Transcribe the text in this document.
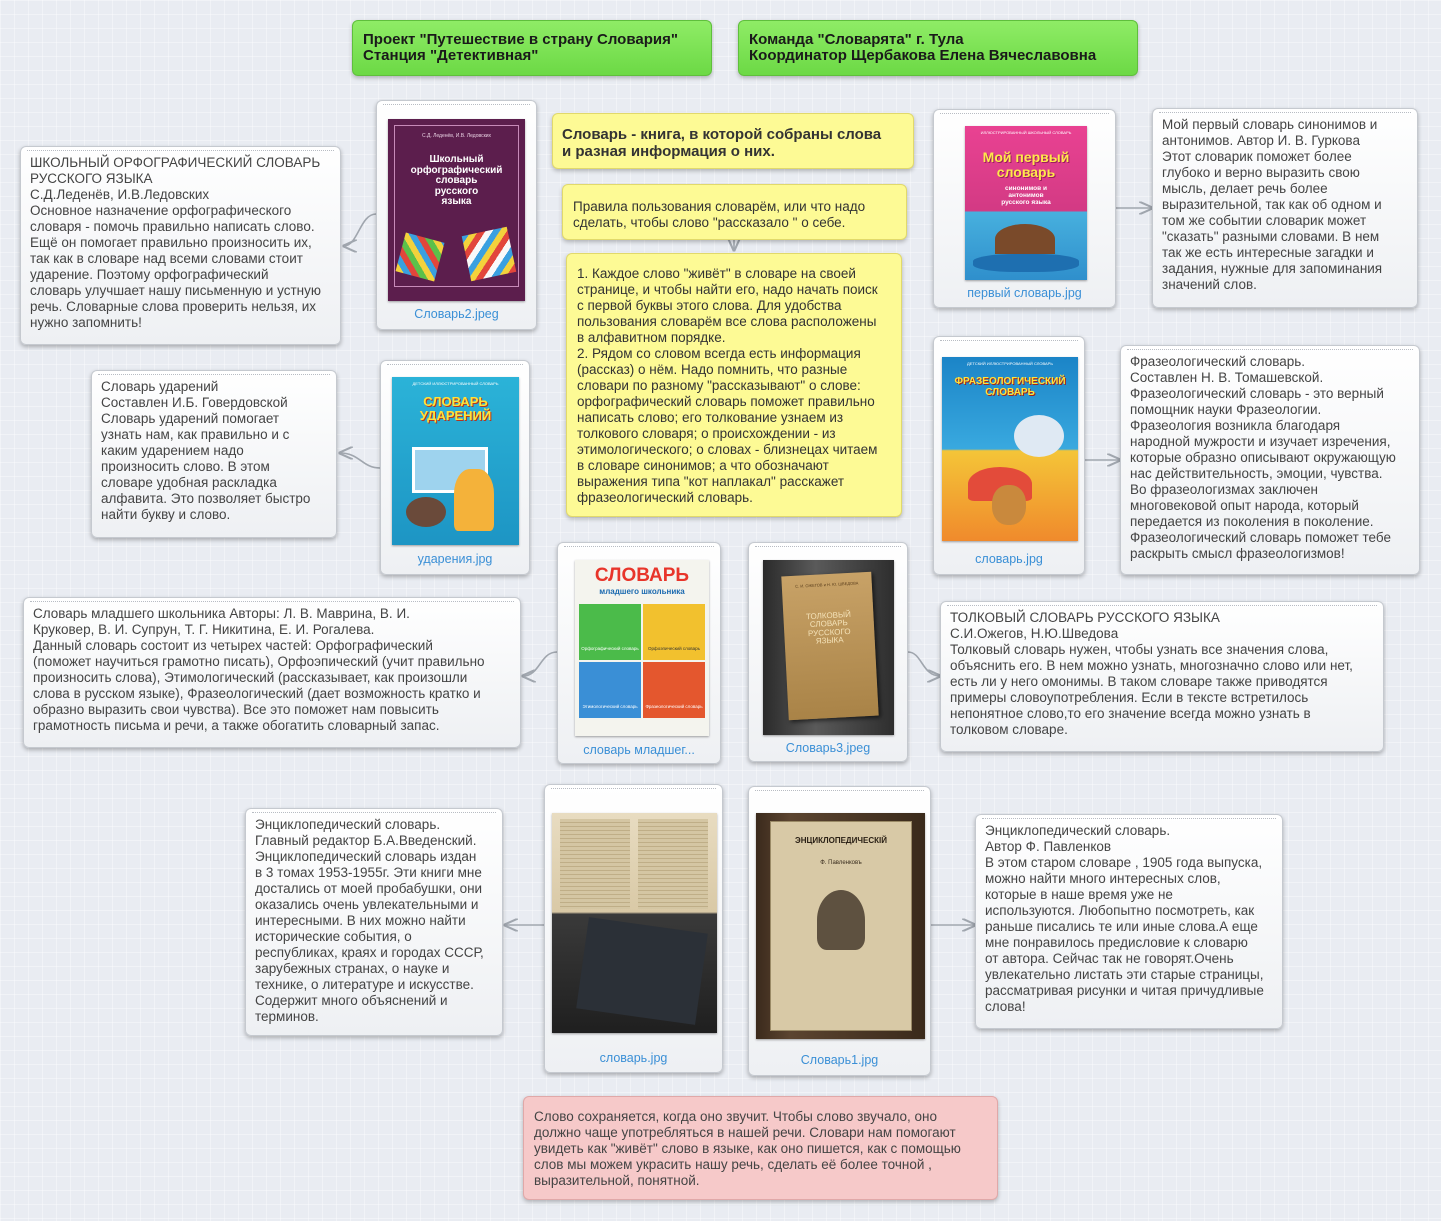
Проект "Путешествие в страну Словария"
Станция "Детективная"
Команда "Словарята" г. Тула
Координатор Щербакова Елена Вячеславовна
Словарь - книга, в которой собраны слова
и разная информация о них.
Правила пользования словарём, или что надо
сделать, чтобы слово "рассказало " о себе.
1. Каждое слово "живёт" в словаре на своей
странице, и чтобы найти его, надо начать поиск
с первой буквы этого слова. Для удобства
пользования словарём все слова расположены
в алфавитном порядке.
2. Рядом со словом всегда есть информация
(рассказ) о нём. Надо помнить, что разные
словари по разному "рассказывают" о слове:
орфографический словарь поможет правильно
написать слово; его толкование узнаем из
толкового словаря; о происхождении - из
этимологического; о словах - близнецах читаем
в словаре синонимов; а что обозначают
выражения типа "кот наплакал" расскажет
фразеологический словарь.
С.Д. Леденёв, И.В. Ледовских
Школьный
орфографический
словарь
русского
языка
Словарь2.jpeg
ШКОЛЬНЫЙ ОРФОГРАФИЧЕСКИЙ СЛОВАРЬ
РУССКОГО ЯЗЫКА
С.Д.Леденёв, И.В.Ледовских
Основное назначение орфографического
словаря - помочь правильно написать слово.
Ещё он помогает правильно произносить их,
так как в словаре над всеми словами стоит
ударение. Поэтому орфографический
словарь улучшает нашу письменную и устную
речь. Словарные слова проверить нельзя, их
нужно запомнить!
ИЛЛЮСТРИРОВАННЫЙ ШКОЛЬНЫЙ СЛОВАРЬ
Мой первый
словарь
синонимов и
антонимов
русского языка
первый словарь.jpg
Мой первый словарь синонимов и
антонимов. Автор И. В. Гуркова
Этот словарик поможет более
глубоко и верно выразить свою
мысль, делает речь более
выразительной, так как об одном и
том же событии словарик может
"сказать" разными словами. В нем
так же есть интересные загадки и
задания, нужные для запоминания
значений слов.
ДЕТСКИЙ ИЛЛЮСТРИРОВАННЫЙ СЛОВАРЬ
СЛОВАРЬ
УДАРЕНИЙ
ударения.jpg
Словарь ударений
Составлен И.Б. Говердовской
Словарь ударений помогает
узнать нам, как правильно и с
каким ударением надо
произносить слово. В этом
словаре удобная раскладка
алфавита. Это позволяет быстро
найти букву и слово.
ДЕТСКИЙ ИЛЛЮСТРИРОВАННЫЙ СЛОВАРЬ
ФРАЗЕОЛОГИЧЕСКИЙ
СЛОВАРЬ
словарь.jpg
Фразеологический словарь.
Составлен Н. В. Томашевской.
Фразеологический словарь - это верный
помощник науки Фразеологии.
Фразеология возникла благодаря
народной мужрости и изучает изречения,
которые образно описывают окружающую
нас действительность, эмоции, чувства.
Во фразеологизмах заключен
многовековой опыт народа, который
передается из поколения в поколение.
Фразеологический словарь поможет тебе
раскрыть смысл фразеологизмов!
СЛОВАРЬ
младшего школьника
Орфографический словарь	Орфоэпический словарь
Этимологический словарь	Фразеологический словарь
словарь младшег...
Словарь младшего школьника Авторы: Л. В. Маврина, В. И.
Круковер, В. И. Супрун, Т. Г. Никитина, Е. И. Рогалева.
Данный словарь состоит из четырех частей: Орфографический
(поможет научиться грамотно писать), Орфоэпический (учит правильно
произносить слова), Этимологический (рассказывает, как произошли
слова в русском языке), Фразеологический (дает возможность кратко и
образно выразить свои чувства). Все это поможет нам повысить
грамотность письма и речи, а также обогатить словарный запас.
С. И. ОЖЕГОВ и Н. Ю. ШВЕДОВА
ТОЛКОВЫЙ
СЛОВАРЬ
РУССКОГО
ЯЗЫКА
Словарь3.jpeg
ТОЛКОВЫЙ СЛОВАРЬ РУССКОГО ЯЗЫКА
С.И.Ожегов, Н.Ю.Шведова
Толковый словарь нужен, чтобы узнать все значения слова,
объяснить его. В нем можно узнать, многозначно слово или нет,
есть ли у него омонимы. В таком словаре также приводятся
примеры словоупотребления. Если в тексте встретилось
непонятное слово,то его значение всегда можно узнать в
толковом словаре.
словарь.jpg
Энциклопедический словарь.
Главный редактор Б.А.Введенский.
Энциклопедический словарь издан
в 3 томах 1953-1955г. Эти книги мне
достались от моей пробабушки, они
оказались очень увлекательными и
интересными. В них можно найти
исторические события, о
республиках, краях и городах СССР,
зарубежных странах, о науке и
технике, о литературе и искусстве.
Содержит много объяснений и
терминов.
ЭНЦИКЛОПЕДИЧЕСКІЙ
Ф. Павленковъ
Словарь1.jpg
Энциклопедический словарь.
Автор Ф. Павленков
В этом старом словаре , 1905 года выпуска,
можно найти много интересных слов,
которые в наше время уже не
используются. Любопытно посмотреть, как
раньше писались те или иные слова.А еще
мне понравилось предисловие к словарю
от автора. Сейчас так не говорят.Очень
увлекательно листать эти старые страницы,
рассматривая рисунки и читая причудливые
слова!
Слово сохраняется, когда оно звучит. Чтобы слово звучало, оно
должно чаще употребляться в нашей речи. Словари нам помогают
увидеть как "живёт" слово в языке, как оно пишется, как с помощью
слов мы можем украсить нашу речь, сделать её более точной ,
выразительной, понятной.
